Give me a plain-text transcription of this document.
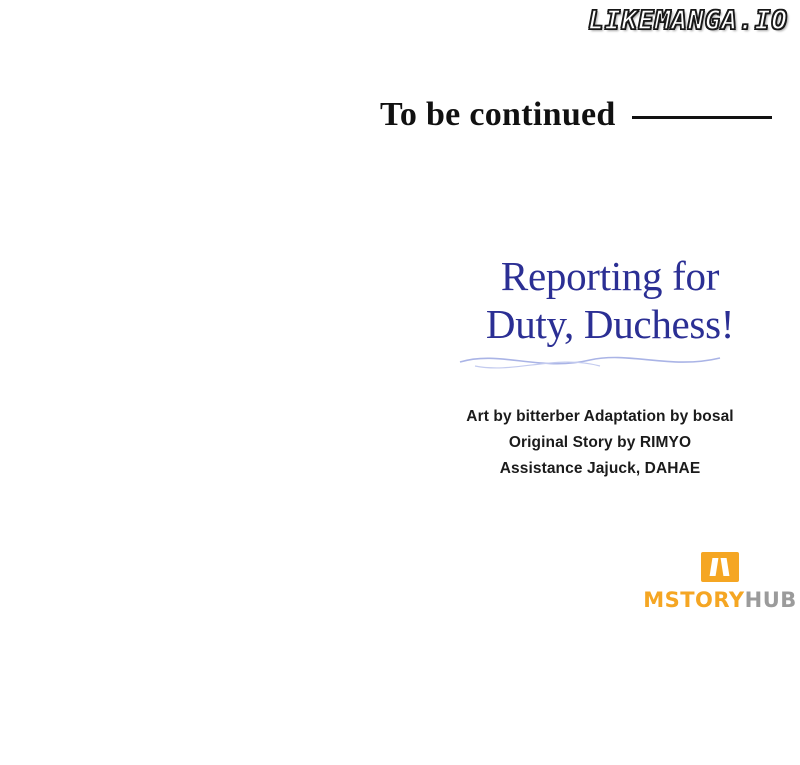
LIKEMANGA.IO
To be continued
Reporting for
Duty, Duchess!
Art by bitterber Adaptation by bosal
Original Story by RIMYO
Assistance Jajuck, DAHAE
MSTORYHUB
